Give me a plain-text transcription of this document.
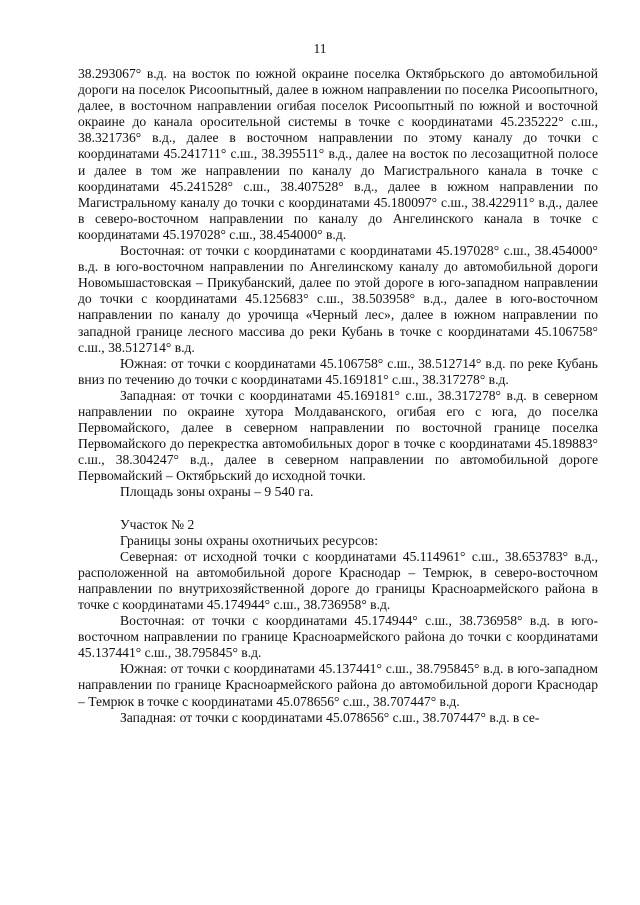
11

38.293067° в.д. на восток по южной окраине поселка Октябрьского до автомобильной дороги на поселок Рисоопытный, далее в южном направлении по поселка Рисоопытного, далее, в восточном направлении огибая поселок Рисоопытный по южной и восточной окраине до канала оросительной системы в точке с координатами 45.235222° с.ш., 38.321736° в.д., далее в восточном направлении по этому каналу до точки с координатами 45.241711° с.ш., 38.395511° в.д., далее на восток по лесозащитной полосе и далее в том же направлении по каналу до Магистрального канала в точке с координатами 45.241528° с.ш., 38.407528° в.д., далее в южном направлении по Магистральному каналу до точки с координатами 45.180097° с.ш., 38.422911° в.д., далее в северо-восточном направлении по каналу до Ангелинского канала в точке с координатами 45.197028° с.ш., 38.454000° в.д.

Восточная: от точки с координатами с координатами 45.197028° с.ш., 38.454000° в.д. в юго-восточном направлении по Ангелинскому каналу до автомобильной дороги Новомышастовская – Прикубанский, далее по этой дороге в юго-западном направлении до точки с координатами 45.125683° с.ш., 38.503958° в.д., далее в юго-восточном направлении по каналу до урочища «Черный лес», далее в южном направлении по западной границе лесного массива до реки Кубань в точке с координатами 45.106758° с.ш., 38.512714° в.д.

Южная: от точки с координатами 45.106758° с.ш., 38.512714° в.д. по реке Кубань вниз по течению до точки с координатами 45.169181° с.ш., 38.317278° в.д.

Западная: от точки с координатами 45.169181° с.ш., 38.317278° в.д. в северном направлении по окраине хутора Молдаванского, огибая его с юга, до поселка Первомайского, далее в северном направлении по восточной границе поселка Первомайского до перекрестка автомобильных дорог в точке с координатами 45.189883° с.ш., 38.304247° в.д., далее в северном направлении по автомобильной дороге Первомайский – Октябрьский до исходной точки.

Площадь зоны охраны – 9 540 га.

Участок № 2

Границы зоны охраны охотничьих ресурсов:

Северная: от исходной точки с координатами 45.114961° с.ш., 38.653783° в.д., расположенной на автомобильной дороге Краснодар – Темрюк, в северо-восточном направлении по внутрихозяйственной дороге до границы Красноармейского района в точке с координатами 45.174944° с.ш., 38.736958° в.д.

Восточная: от точки с координатами 45.174944° с.ш., 38.736958° в.д. в юго-восточном направлении по границе Красноармейского района до точки с координатами 45.137441° с.ш., 38.795845° в.д.

Южная: от точки с координатами 45.137441° с.ш., 38.795845° в.д. в юго-западном направлении по границе Красноармейского района до автомобильной дороги Краснодар – Темрюк в точке с координатами 45.078656° с.ш., 38.707447° в.д.

Западная: от точки с координатами 45.078656° с.ш., 38.707447° в.д. в се-
